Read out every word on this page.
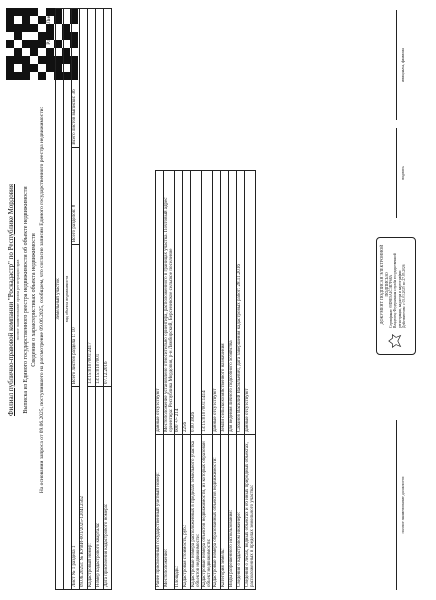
Филиал публично-правовой компании "Роскадастр" по Республике Мордовия полное наименование органа регистрации прав Выписка из Единого государственного реестра недвижимости об объекте недвижимости Сведения о характеристиках объекта недвижимости На основании запроса от 09.06.2025, поступившего на рассмотрение 09.06.2025, сообщаем, что согласно записям Единого государственного реестра недвижимости:
Раздел 1 Лист 1
Земельный участок			
вид объекта недвижимости			
Лист № 1 раздела 1	Всего листов раздела 1: 10	Всего разделов: 8	Всего листов выписки: 36
09.06.2025г. № КУВИ-001/2025-120412562			
Кадастровый номер:	13:15:0107001:2417		
Номер кадастрового квартала:	13:15:0107001		
Дата присвоения кадастрового номера:	07.12.2016		
Ранее присвоенный государственный учетный номер:	данные отсутствуют
Местоположение:	Местоположение установлено относительно ориентира, расположенного в границах участка. Почтовый адрес ориентира: Республика Мордовия, р-н Лямбирский, Берсеневское сельское поселение
Площадь:	600 +/- 214
Кадастровая стоимость, руб.:	2256
Кадастровые номера расположенных в пределах земельного участка объектов недвижимости:	0.00 3826
Кадастровые номера объектов недвижимости, из которых образован объект недвижимости:	13:15:0107001:1414
Кадастровые номера образованных объектов недвижимости:	данные отсутствуют
Категория земель:	Земли сельскохозяйственного назначения
Виды разрешенного использования:	для ведения личного подсобного хозяйства
Сведения о кадастровом инженере:	Сабанов Василий Васильевич, дата завершения кадастровых работ: 28.11.2016
Сведения о лесах, водных объектах и об иных природных объектах, расположенных в пределах земельного участка:	данные отсутствуют
полное наименование должности
ДОКУМЕНТ ПОДПИСАН ЭЛЕКТРОННОЙ ПОДПИСЬЮ Сертификат: 00D9E5A1C3B7F68A Владелец: Федеральная служба государственной регистрации, кадастра и картографии Действителен: с 03.03.2025 по 27.05.2026
подпись
инициалы, фамилия
